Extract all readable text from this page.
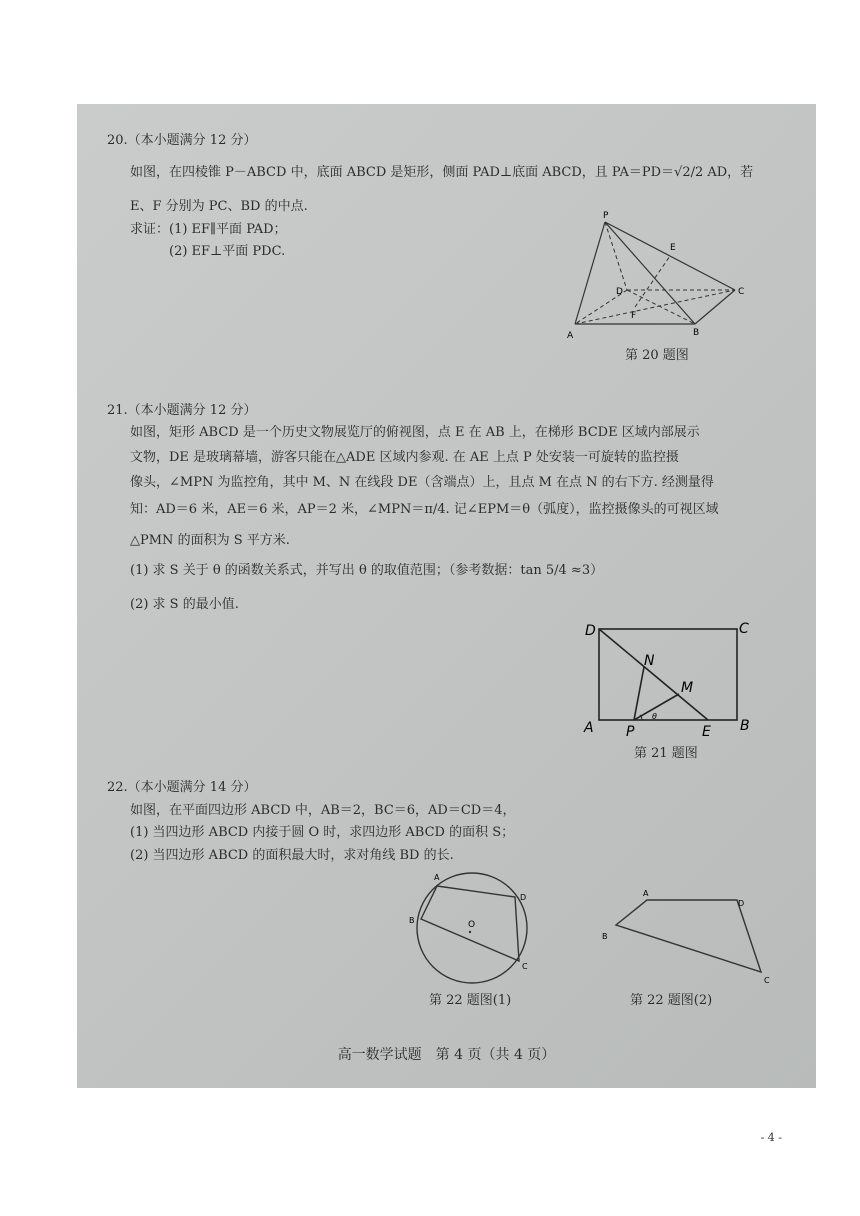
20.（本小题满分 12 分）
如图，在四棱锥 P－ABCD 中，底面 ABCD 是矩形，侧面 PAD⊥底面 ABCD，且 PA＝PD＝√2/2 AD，若
E、F 分别为 PC、BD 的中点.
求证：(1) EF∥平面 PAD；
(2) EF⊥平面 PDC.
P
E
D	C
F
A	B
第 20 题图
21.（本小题满分 12 分）
如图，矩形 ABCD 是一个历史文物展览厅的俯视图，点 E 在 AB 上，在梯形 BCDE 区域内部展示
文物，DE 是玻璃幕墙，游客只能在△ADE 区域内参观. 在 AE 上点 P 处安装一可旋转的监控摄
像头，∠MPN 为监控角，其中 M、N 在线段 DE（含端点）上，且点 M 在点 N 的右下方. 经测量得
知：AD＝6 米，AE＝6 米，AP＝2 米，∠MPN＝π/4. 记∠EPM＝θ（弧度），监控摄像头的可视区域
△PMN 的面积为 S 平方米.
(1) 求 S 关于 θ 的函数关系式，并写出 θ 的取值范围；（参考数据：tan 5/4 ≈3）
(2) 求 S 的最小值.
D	C
N
M
A P
θ
E B
第 21 题图
22.（本小题满分 14 分）
如图，在平面四边形 ABCD 中，AB＝2，BC＝6，AD＝CD＝4，
(1) 当四边形 ABCD 内接于圆 O 时，求四边形 ABCD 的面积 S；
(2) 当四边形 ABCD 的面积最大时，求对角线 BD 的长.
A
D
B	O
C
第 22 题图(1)
A
D
B
C
第 22 题图(2)
高一数学试题　第 4 页（共 4 页）
- 4 -
